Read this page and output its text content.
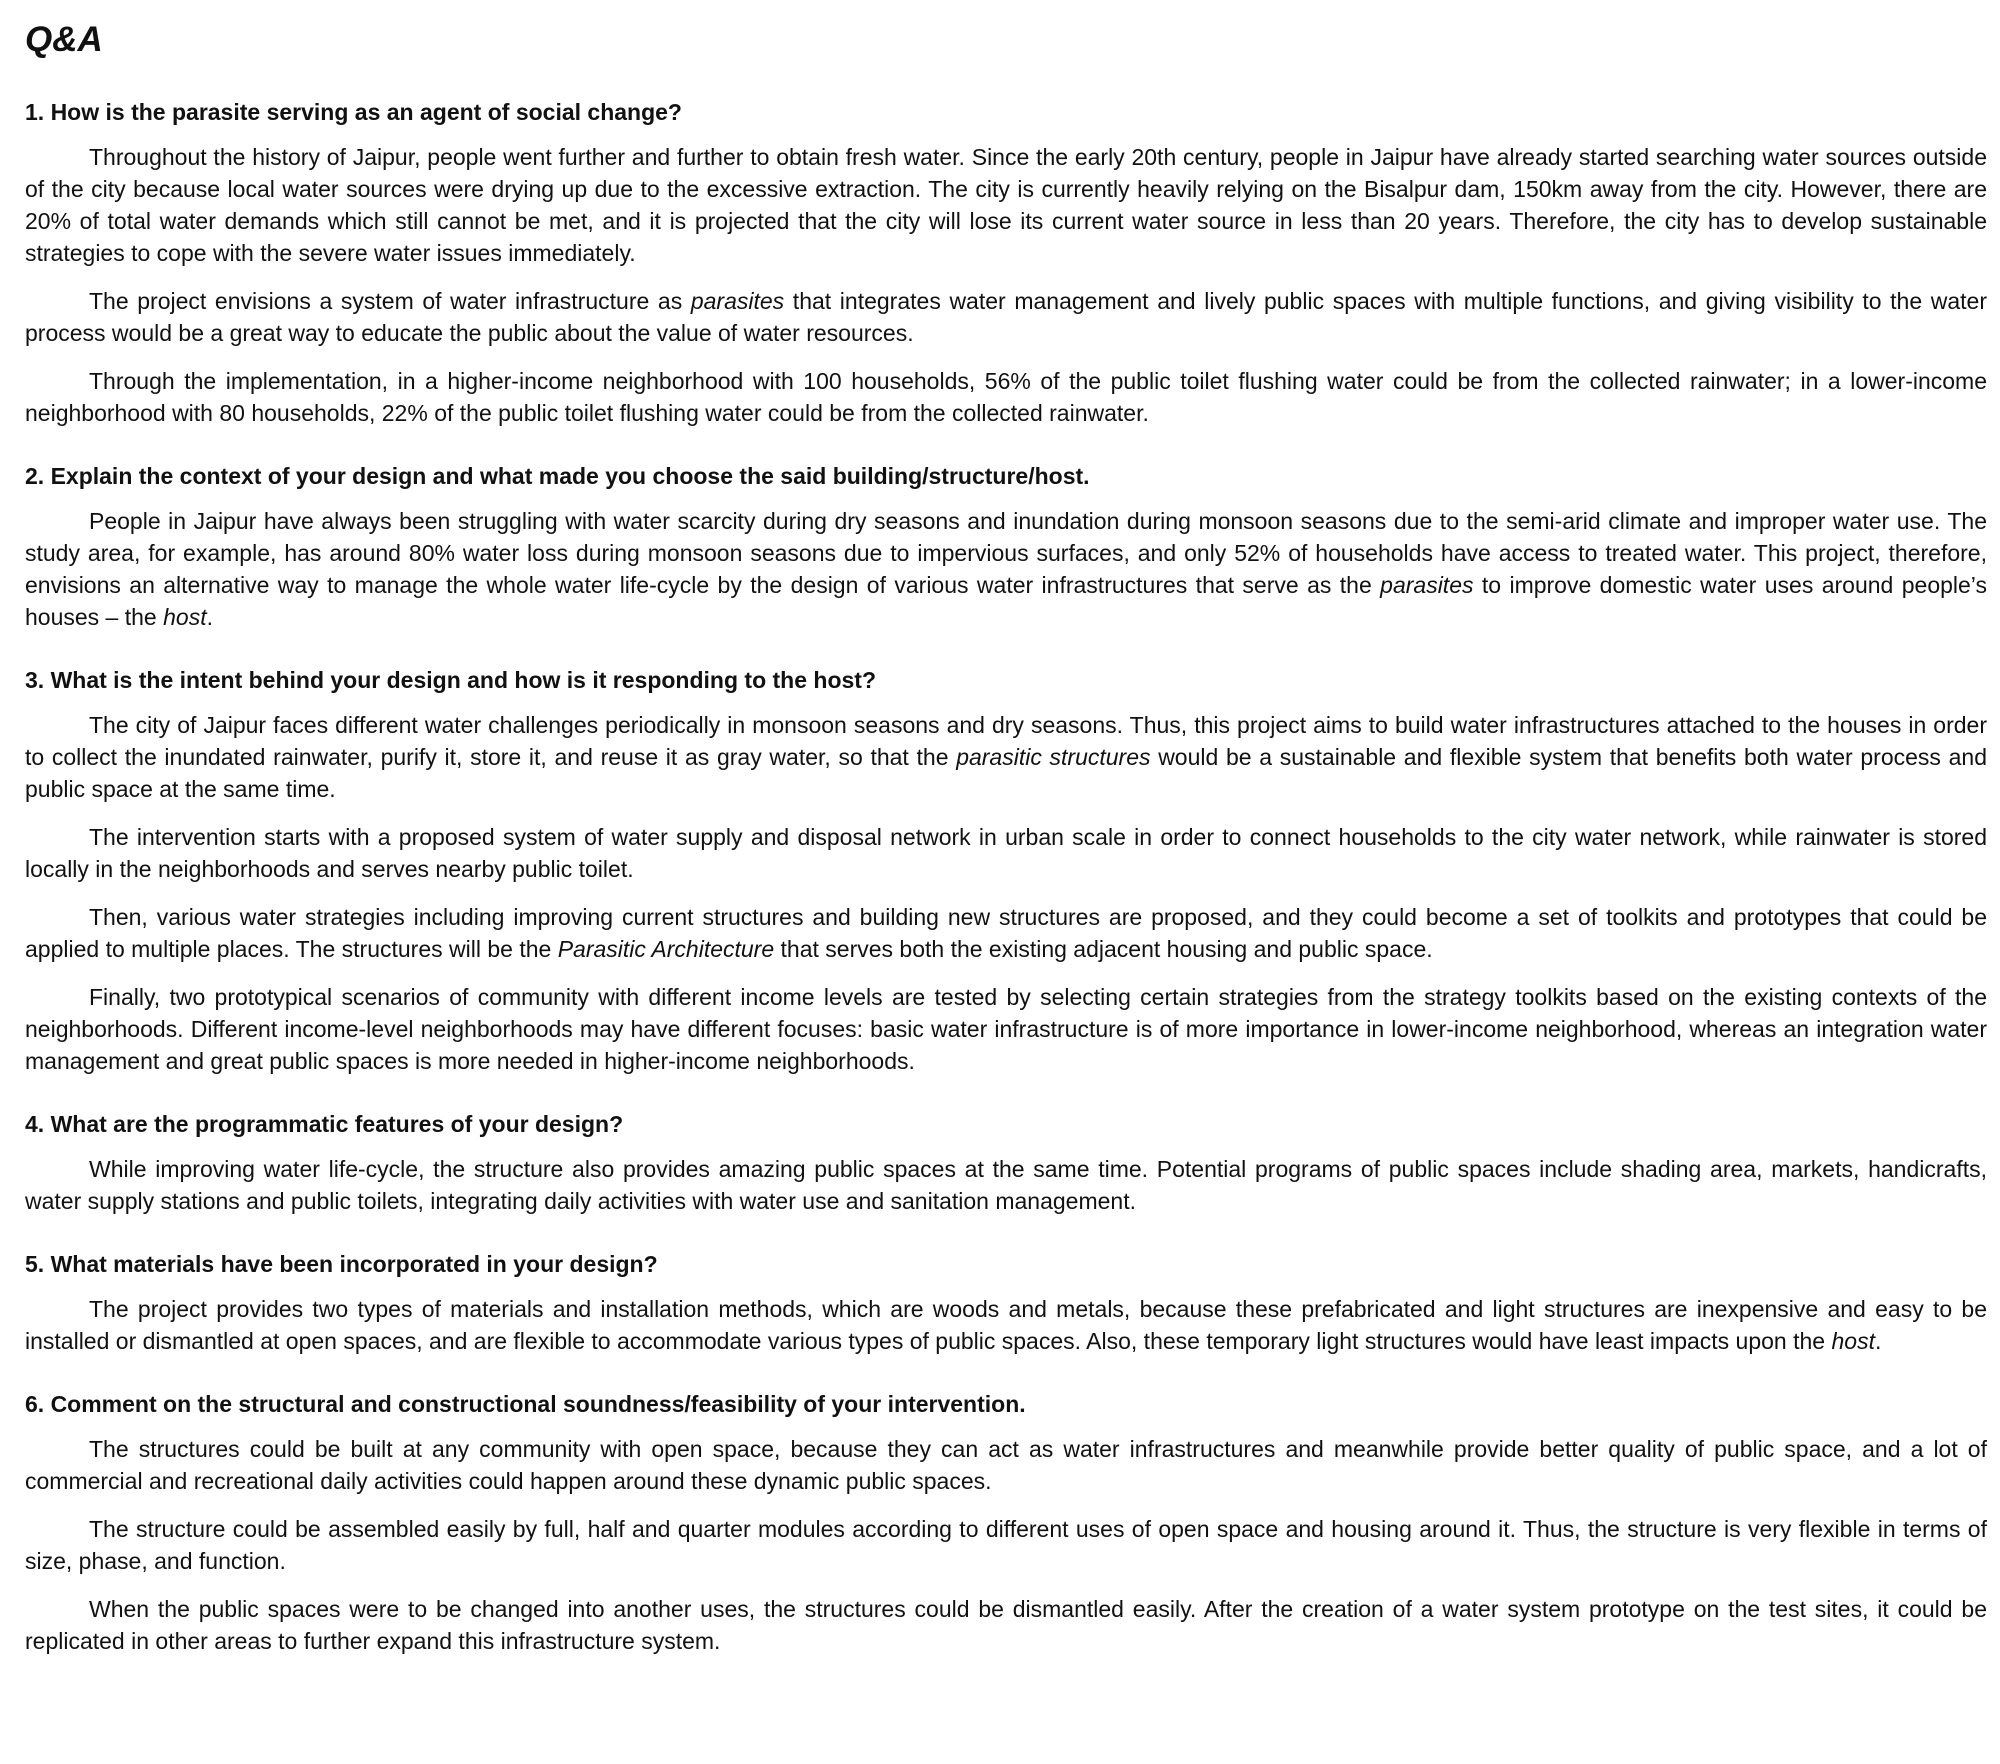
Q&A
1. How is the parasite serving as an agent of social change?

Throughout the history of Jaipur, people went further and further to obtain fresh water. Since the early 20th century, people in Jaipur have already started searching water sources outside of the city because local water sources were drying up due to the excessive extraction. The city is currently heavily relying on the Bisalpur dam, 150km away from the city. However, there are 20% of total water demands which still cannot be met, and it is projected that the city will lose its current water source in less than 20 years. Therefore, the city has to develop sustainable strategies to cope with the severe water issues immediately.

The project envisions a system of water infrastructure as parasites that integrates water management and lively public spaces with multiple functions, and giving visibility to the water process would be a great way to educate the public about the value of water resources.

Through the implementation, in a higher-income neighborhood with 100 households, 56% of the public toilet flushing water could be from the collected rainwater; in a lower-income neighborhood with 80 households, 22% of the public toilet flushing water could be from the collected rainwater.

2. Explain the context of your design and what made you choose the said building/structure/host.

People in Jaipur have always been struggling with water scarcity during dry seasons and inundation during monsoon seasons due to the semi-arid climate and improper water use. The study area, for example, has around 80% water loss during monsoon seasons due to impervious surfaces, and only 52% of households have access to treated water. This project, therefore, envisions an alternative way to manage the whole water life-cycle by the design of various water infrastructures that serve as the parasites to improve domestic water uses around people’s houses – the host.

3. What is the intent behind your design and how is it responding to the host?

The city of Jaipur faces different water challenges periodically in monsoon seasons and dry seasons. Thus, this project aims to build water infrastructures attached to the houses in order to collect the inundated rainwater, purify it, store it, and reuse it as gray water, so that the parasitic structures would be a sustainable and flexible system that benefits both water process and public space at the same time.

The intervention starts with a proposed system of water supply and disposal network in urban scale in order to connect households to the city water network, while rainwater is stored locally in the neighborhoods and serves nearby public toilet.

Then, various water strategies including improving current structures and building new structures are proposed, and they could become a set of toolkits and prototypes that could be applied to multiple places. The structures will be the Parasitic Architecture that serves both the existing adjacent housing and public space.

Finally, two prototypical scenarios of community with different income levels are tested by selecting certain strategies from the strategy toolkits based on the existing contexts of the neighborhoods. Different income-level neighborhoods may have different focuses: basic water infrastructure is of more importance in lower-income neighborhood, whereas an integration water management and great public spaces is more needed in higher-income neighborhoods.

4. What are the programmatic features of your design?

While improving water life-cycle, the structure also provides amazing public spaces at the same time. Potential programs of public spaces include shading area, markets, handicrafts, water supply stations and public toilets, integrating daily activities with water use and sanitation management.

5. What materials have been incorporated in your design?

The project provides two types of materials and installation methods, which are woods and metals, because these prefabricated and light structures are inexpensive and easy to be installed or dismantled at open spaces, and are flexible to accommodate various types of public spaces. Also, these temporary light structures would have least impacts upon the host.

6. Comment on the structural and constructional soundness/feasibility of your intervention.

The structures could be built at any community with open space, because they can act as water infrastructures and meanwhile provide better quality of public space, and a lot of commercial and recreational daily activities could happen around these dynamic public spaces.

The structure could be assembled easily by full, half and quarter modules according to different uses of open space and housing around it. Thus, the structure is very flexible in terms of size, phase, and function.

When the public spaces were to be changed into another uses, the structures could be dismantled easily. After the creation of a water system prototype on the test sites, it could be replicated in other areas to further expand this infrastructure system.
